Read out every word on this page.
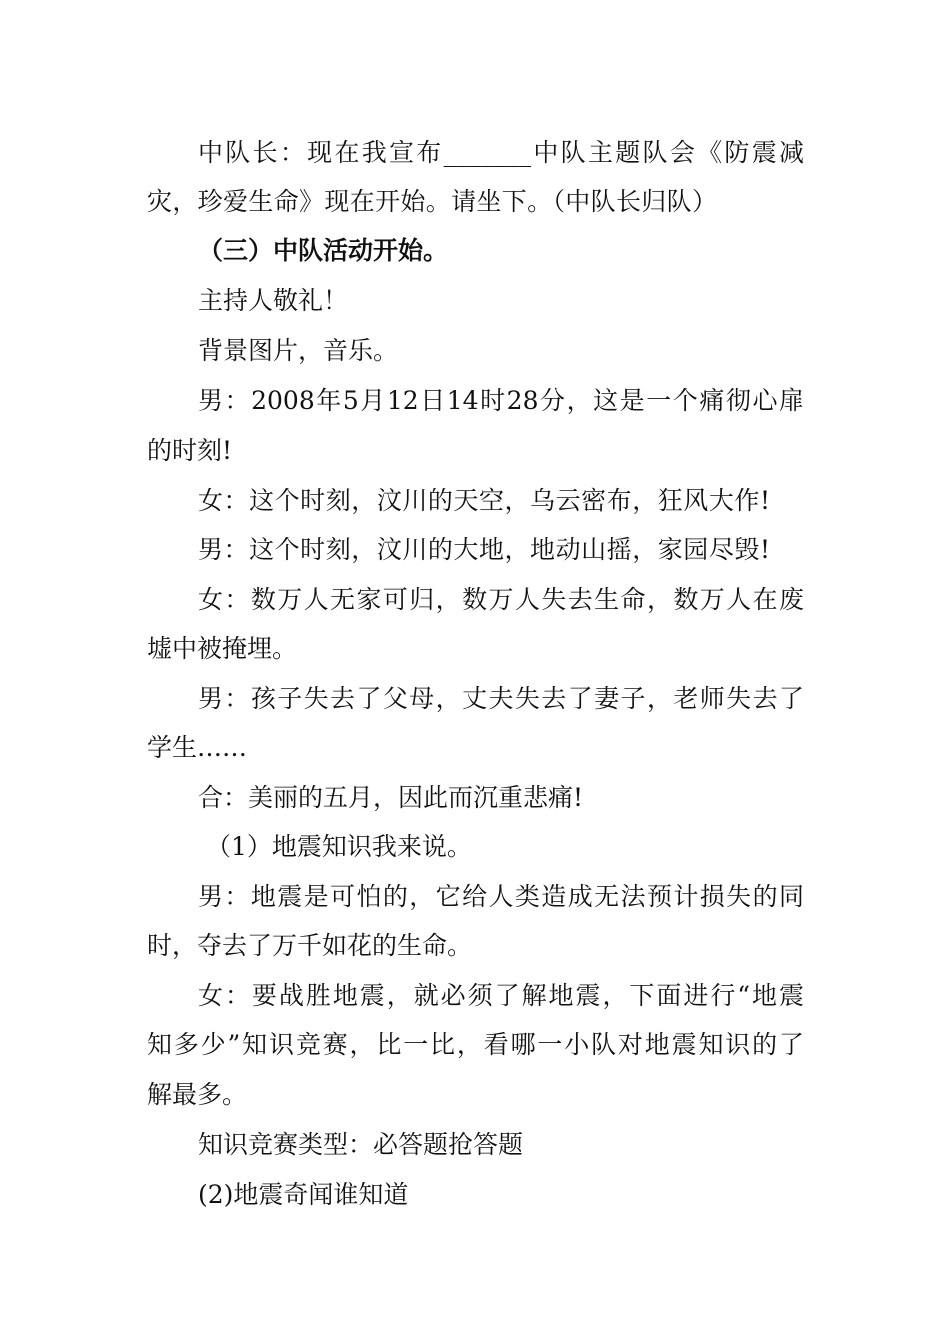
中队长：现在我宣布_______中队主题队会《防震减
灾，珍爱生命》现在开始。请坐下。（中队长归队）
（三）中队活动开始。
主持人敬礼！
背景图片，音乐。
男：2008年5月12日14时28分，这是一个痛彻心扉
的时刻!
女：这个时刻，汶川的天空，乌云密布，狂风大作!
男：这个时刻，汶川的大地，地动山摇，家园尽毁!
女：数万人无家可归，数万人失去生命，数万人在废
墟中被掩埋。
男：孩子失去了父母，丈夫失去了妻子，老师失去了
学生……
合：美丽的五月，因此而沉重悲痛!
（1）地震知识我来说。
男：地震是可怕的，它给人类造成无法预计损失的同
时，夺去了万千如花的生命。
女：要战胜地震，就必须了解地震，下面进行“地震
知多少”知识竞赛，比一比，看哪一小队对地震知识的了
解最多。
知识竞赛类型：必答题抢答题
(2)地震奇闻谁知道
